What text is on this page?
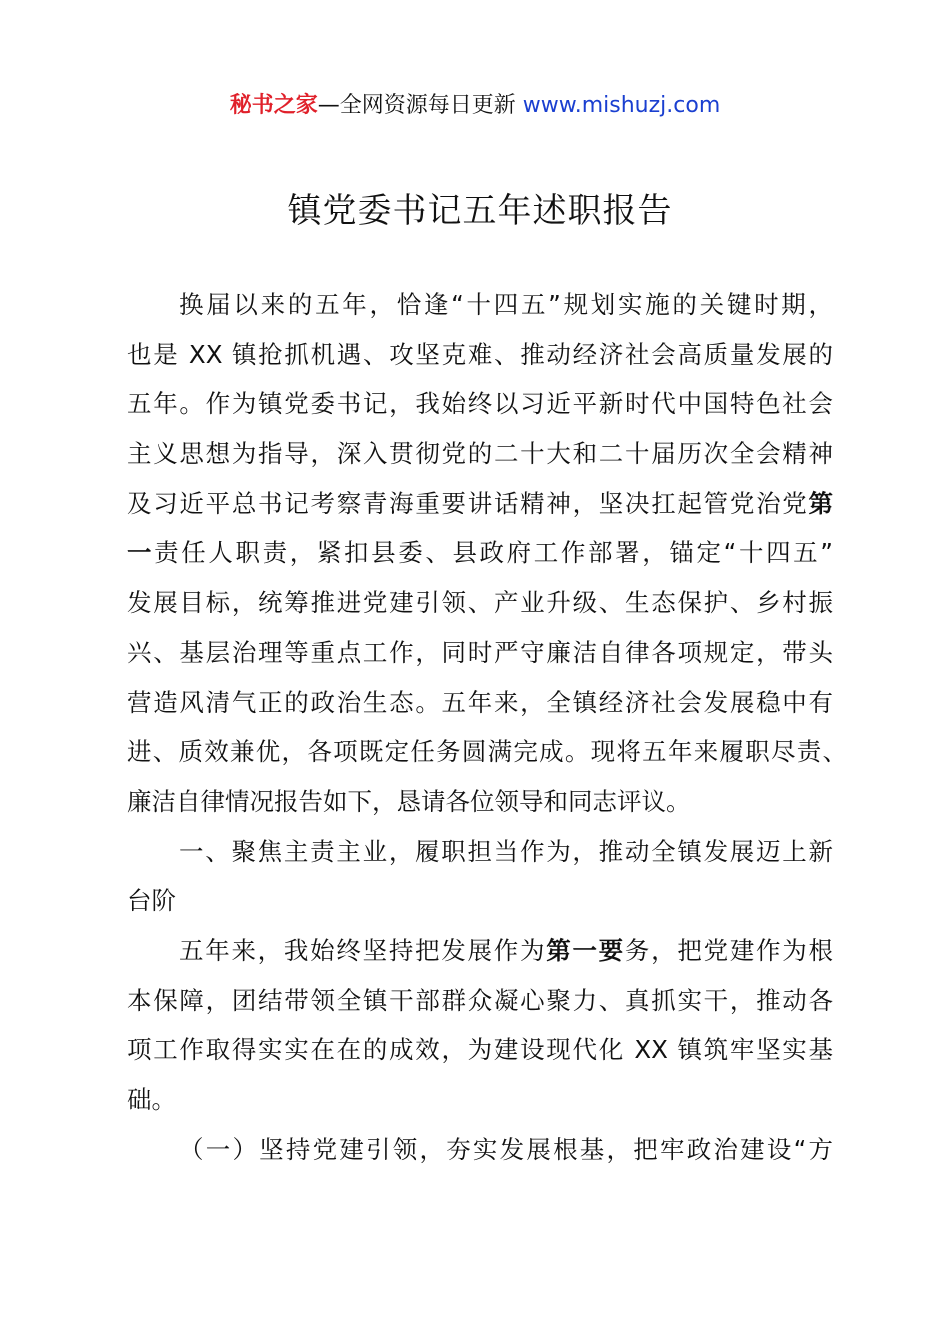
秘书之家—全网资源每日更新 www.mishuzj.com
镇党委书记五年述职报告
换届以来的五年，恰逢“十四五”规划实施的关键时期，
也是 XX 镇抢抓机遇、攻坚克难、推动经济社会高质量发展的
五年。作为镇党委书记，我始终以习近平新时代中国特色社会
主义思想为指导，深入贯彻党的二十大和二十届历次全会精神
及习近平总书记考察青海重要讲话精神，坚决扛起管党治党第
一责任人职责，紧扣县委、县政府工作部署，锚定“十四五”
发展目标，统筹推进党建引领、产业升级、生态保护、乡村振
兴、基层治理等重点工作，同时严守廉洁自律各项规定，带头
营造风清气正的政治生态。五年来，全镇经济社会发展稳中有
进、质效兼优，各项既定任务圆满完成。现将五年来履职尽责、
廉洁自律情况报告如下，恳请各位领导和同志评议。
一、聚焦主责主业，履职担当作为，推动全镇发展迈上新
台阶
五年来，我始终坚持把发展作为第一要务，把党建作为根
本保障，团结带领全镇干部群众凝心聚力、真抓实干，推动各
项工作取得实实在在的成效，为建设现代化 XX 镇筑牢坚实基
础。
（一）坚持党建引领，夯实发展根基，把牢政治建设“方
